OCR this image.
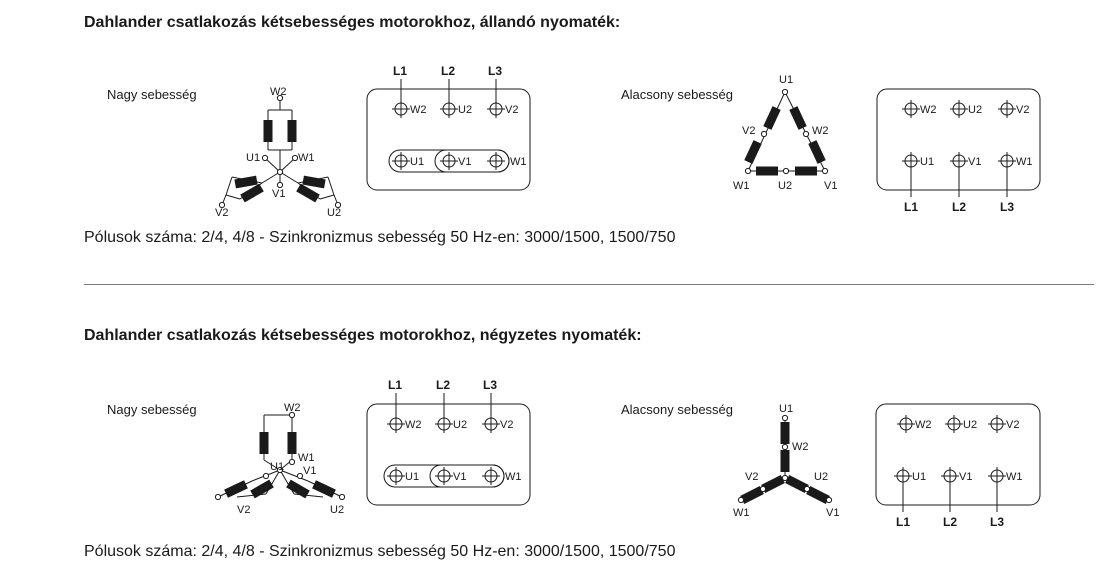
Dahlander csatlakozás kétsebességes motorokhoz, állandó nyomaték:
Nagy sebesség	Alacsony sebesség
Pólusok száma: 2/4, 4/8 - Szinkronizmus sebesség 50 Hz-en: 3000/1500, 1500/750
Dahlander csatlakozás kétsebességes motorokhoz, négyzetes nyomaték:
Nagy sebesség	Alacsony sebesség
Pólusok száma: 2/4, 4/8 - Szinkronizmus sebesség 50 Hz-en: 3000/1500, 1500/750
W2
U1	W1
V1
V2	U2
L1	L2	L3
W2	U2	V2
U1	V1	W1
U1
V2	W2
W1	U2	V1
W2	U2	V2
U1	V1	W1
L1	L2	L3
W2
W1
U1 V1
V2	U2
L1	L2	L3
W2	U2	V2
U1	V1	W1
U1
W2
V2	U2
W1	V1
W2	U2	V2
U1	V1	W1
L1	L2	L3
